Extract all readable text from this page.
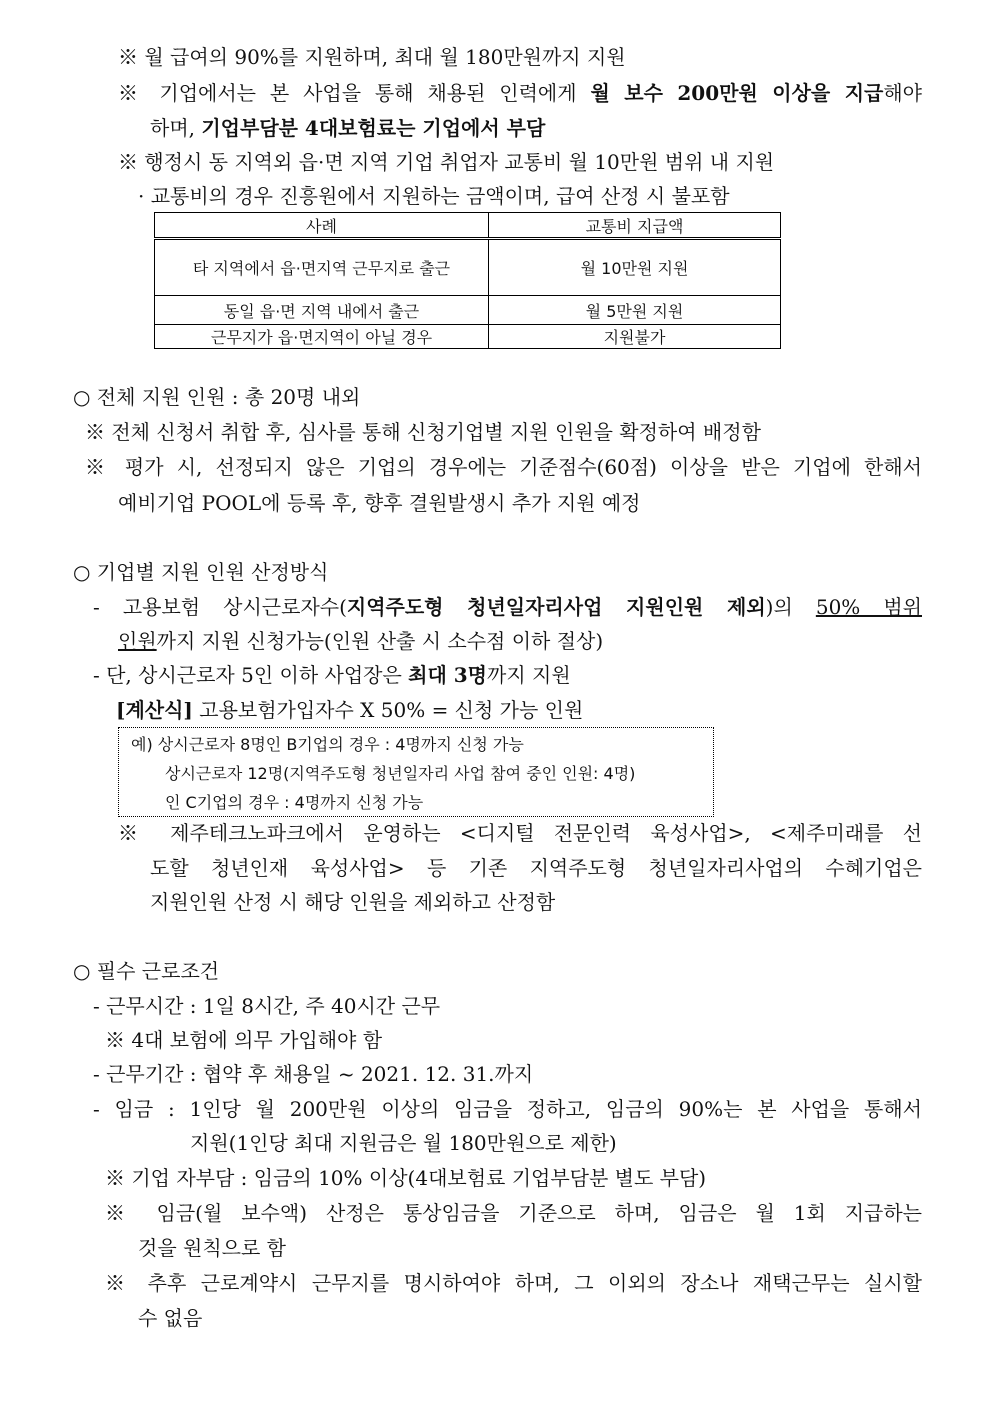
※ 월 급여의 90%를 지원하며, 최대 월 180만원까지 지원
※ 기업에서는 본 사업을 통해 채용된 인력에게 월 보수 200만원 이상을 지급해야
하며, 기업부담분 4대보험료는 기업에서 부담
※ 행정시 동 지역외 읍·면 지역 기업 취업자 교통비 월 10만원 범위 내 지원
· 교통비의 경우 진흥원에서 지원하는 금액이며, 급여 산정 시 불포함
사례	교통비 지급액
타 지역에서 읍·면지역 근무지로 출근	월 10만원 지원
동일 읍·면 지역 내에서 출근	월 5만원 지원
근무지가 읍·면지역이 아닐 경우	지원불가
○ 전체 지원 인원 : 총 20명 내외
※ 전체 신청서 취합 후, 심사를 통해 신청기업별 지원 인원을 확정하여 배정함
※ 평가 시, 선정되지 않은 기업의 경우에는 기준점수(60점) 이상을 받은 기업에 한해서
예비기업 POOL에 등록 후, 향후 결원발생시 추가 지원 예정
○ 기업별 지원 인원 산정방식
- 고용보험 상시근로자수(지역주도형 청년일자리사업 지원인원 제외)의 50% 범위
인원까지 지원 신청가능(인원 산출 시 소수점 이하 절상)
- 단, 상시근로자 5인 이하 사업장은 최대 3명까지 지원
[계산식] 고용보험가입자수 X 50% = 신청 가능 인원
예) 상시근로자 8명인 B기업의 경우 : 4명까지 신청 가능
상시근로자 12명(지역주도형 청년일자리 사업 참여 중인 인원: 4명)
인 C기업의 경우 : 4명까지 신청 가능
※ 제주테크노파크에서 운영하는 <디지털 전문인력 육성사업>, <제주미래를 선
도할 청년인재 육성사업> 등 기존 지역주도형 청년일자리사업의 수혜기업은
지원인원 산정 시 해당 인원을 제외하고 산정함
○ 필수 근로조건
- 근무시간 : 1일 8시간, 주 40시간 근무
※ 4대 보험에 의무 가입해야 함
- 근무기간 : 협약 후 채용일 ~ 2021. 12. 31.까지
- 임금 : 1인당 월 200만원 이상의 임금을 정하고, 임금의 90%는 본 사업을 통해서
지원(1인당 최대 지원금은 월 180만원으로 제한)
※ 기업 자부담 : 임금의 10% 이상(4대보험료 기업부담분 별도 부담)
※ 임금(월 보수액) 산정은 통상임금을 기준으로 하며, 임금은 월 1회 지급하는
것을 원칙으로 함
※ 추후 근로계약시 근무지를 명시하여야 하며, 그 이외의 장소나 재택근무는 실시할
수 없음
